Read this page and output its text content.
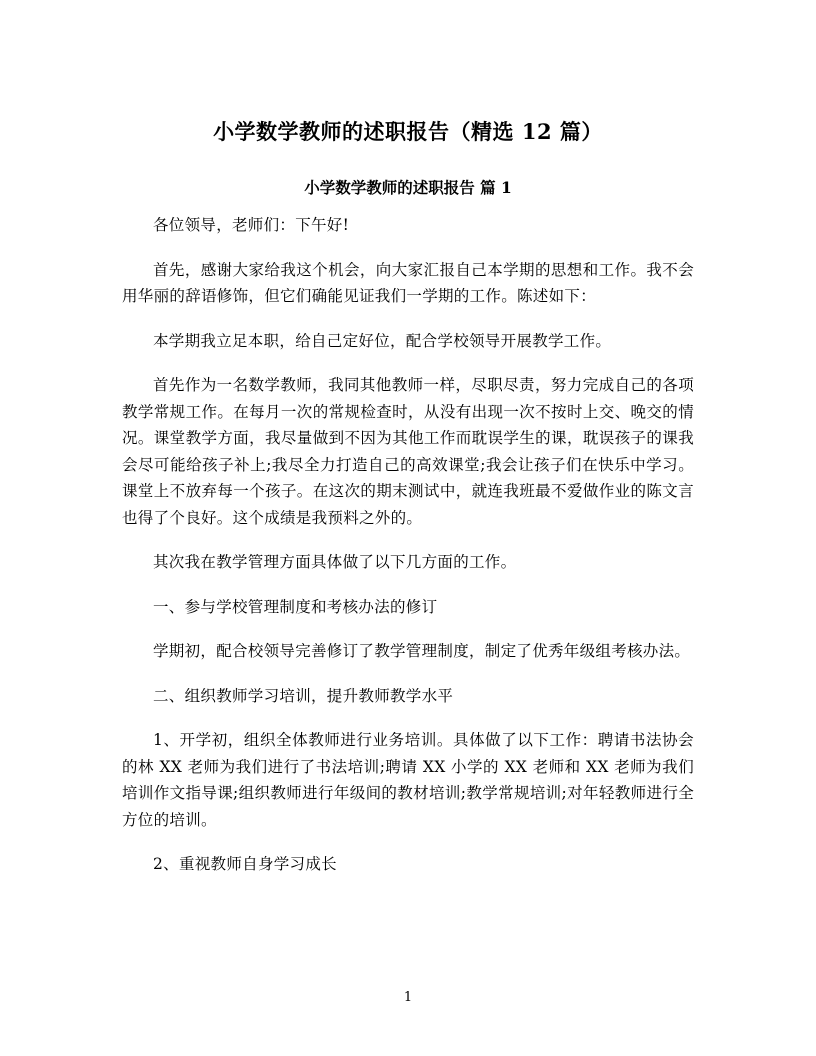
小学数学教师的述职报告（精选 12 篇）
小学数学教师的述职报告 篇 1

各位领导，老师们：下午好!

首先，感谢大家给我这个机会，向大家汇报自己本学期的思想和工作。我不会用华丽的辞语修饰，但它们确能见证我们一学期的工作。陈述如下：

本学期我立足本职，给自己定好位，配合学校领导开展教学工作。

首先作为一名数学教师，我同其他教师一样，尽职尽责，努力完成自己的各项教学常规工作。在每月一次的常规检查时，从没有出现一次不按时上交、晚交的情况。课堂教学方面，我尽量做到不因为其他工作而耽误学生的课，耽误孩子的课我会尽可能给孩子补上;我尽全力打造自己的高效课堂;我会让孩子们在快乐中学习。课堂上不放弃每一个孩子。在这次的期末测试中，就连我班最不爱做作业的陈文言也得了个良好。这个成绩是我预料之外的。

其次我在教学管理方面具体做了以下几方面的工作。

一、参与学校管理制度和考核办法的修订

学期初，配合校领导完善修订了教学管理制度，制定了优秀年级组考核办法。

二、组织教师学习培训，提升教师教学水平

1、开学初，组织全体教师进行业务培训。具体做了以下工作：聘请书法协会的林 XX 老师为我们进行了书法培训;聘请 XX 小学的 XX 老师和 XX 老师为我们培训作文指导课;组织教师进行年级间的教材培训;教学常规培训;对年轻教师进行全方位的培训。

2、重视教师自身学习成长

1
